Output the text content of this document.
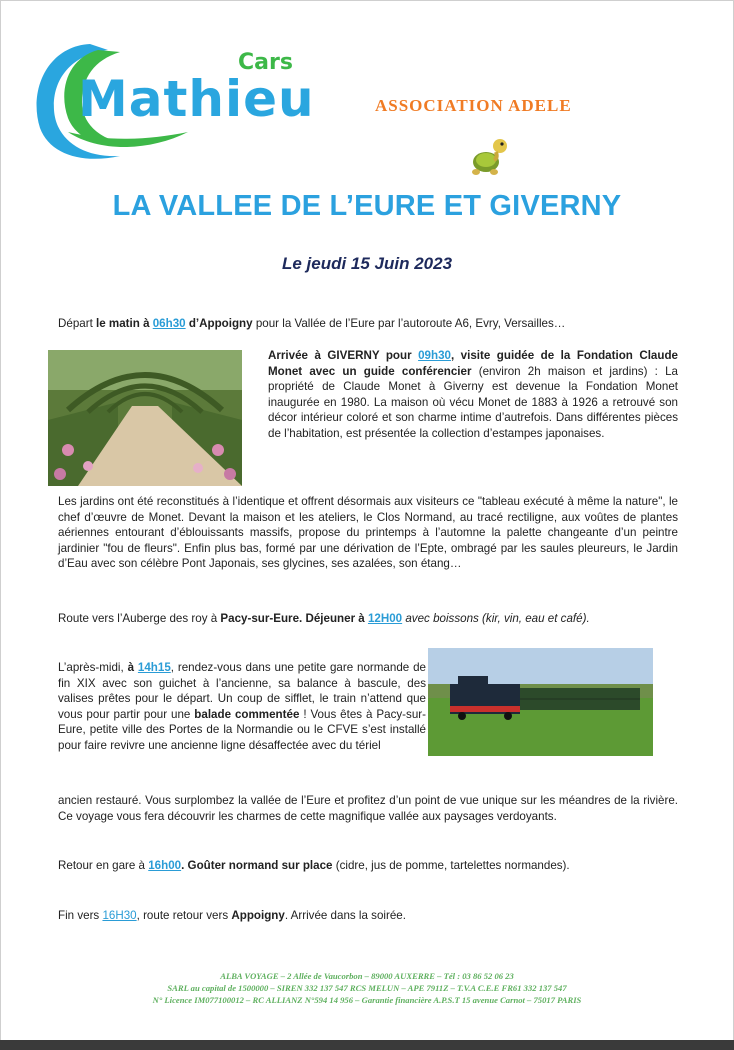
Cars
Mathieu	ASSOCIATION ADELE
LA VALLEE DE L’EURE ET GIVERNY
Le jeudi 15 Juin 2023
Départ le matin à 06h30 d’Appoigny pour la Vallée de l’Eure par l’autoroute A6, Evry, Versailles…
Arrivée à GIVERNY pour 09h30, visite guidée de la Fondation Claude Monet avec un guide conférencier (environ 2h maison et jardins) : La propriété de Claude Monet à Giverny est devenue la Fondation Monet inaugurée en 1980. La maison où vécu Monet de 1883 à 1926 a retrouvé son décor intérieur coloré et son charme intime d’autrefois. Dans différentes pièces de l’habitation, est présentée la collection d’estampes japonaises.
Les jardins ont été reconstitués à l’identique et offrent désormais aux visiteurs ce "tableau exécuté à même la nature", le chef d’œuvre de Monet. Devant la maison et les ateliers, le Clos Normand, au tracé rectiligne, aux voûtes de plantes aériennes entourant d’éblouissants massifs, propose du printemps à l’automne la palette changeante d’un peintre jardinier "fou de fleurs". Enfin plus bas, formé par une dérivation de l’Epte, ombragé par les saules pleureurs, le Jardin d’Eau avec son célèbre Pont Japonais, ses glycines, ses azalées, son étang…
Route vers l’Auberge des roy à Pacy-sur-Eure. Déjeuner à 12H00 avec boissons (kir, vin, eau et café).
L’après-midi, à 14h15, rendez-vous dans une petite gare normande de fin XIX avec son guichet à l’ancienne, sa balance à bascule, des valises prêtes pour le départ. Un coup de sifflet, le train n’attend que vous pour partir pour une balade commentée ! Vous êtes à Pacy-sur-Eure, petite ville des Portes de la Normandie ou le CFVE s’est installé pour faire revivre une ancienne ligne désaffectée avec du tériel
ancien restauré. Vous surplombez la vallée de l’Eure et profitez d’un point de vue unique sur les méandres de la rivière. Ce voyage vous fera découvrir les charmes de cette magnifique vallée aux paysages verdoyants.
Retour en gare à 16h00. Goûter normand sur place (cidre, jus de pomme, tartelettes normandes).
Fin vers 16H30, route retour vers Appoigny. Arrivée dans la soirée.
ALBA VOYAGE – 2 Allée de Vaucorbon – 89000 AUXERRE – Tél : 03 86 52 06 23
SARL au capital de 1500000 – SIREN 332 137 547 RCS MELUN – APE 7911Z – T.V.A C.E.E FR61 332 137 547
N° Licence IM077100012 – RC ALLIANZ N°594 14 956 – Garantie financière A.P.S.T 15 avenue Carnot – 75017 PARIS
